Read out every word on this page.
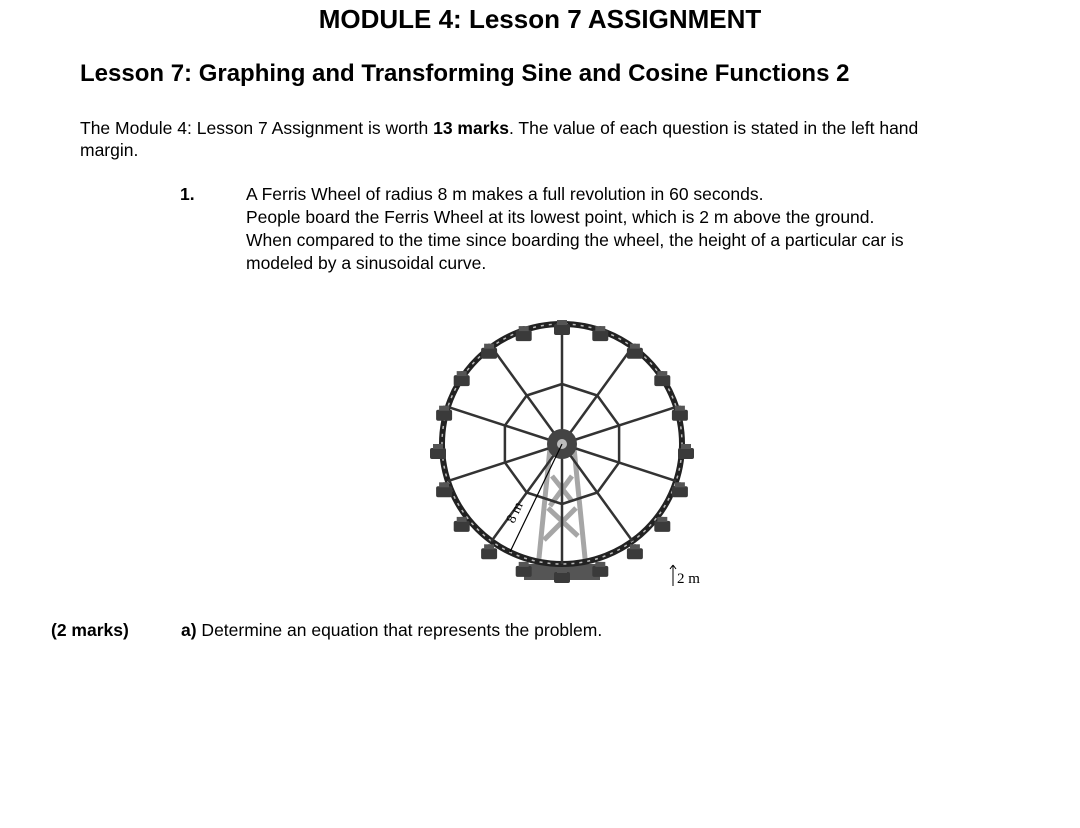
MODULE 4: Lesson 7 ASSIGNMENT
Lesson 7: Graphing and Transforming Sine and Cosine Functions 2

The Module 4: Lesson 7 Assignment is worth 13 marks. The value of each question is stated in the left hand margin.

1.	A Ferris Wheel of radius 8 m makes a full revolution in 60 seconds.
People board the Ferris Wheel at its lowest point, which is 2 m above the ground.
When compared to the time since boarding the wheel, the height of a particular car is
modeled by a sinusoidal curve.
8 m
2 m
(2 marks)	a) Determine an equation that represents the problem.
